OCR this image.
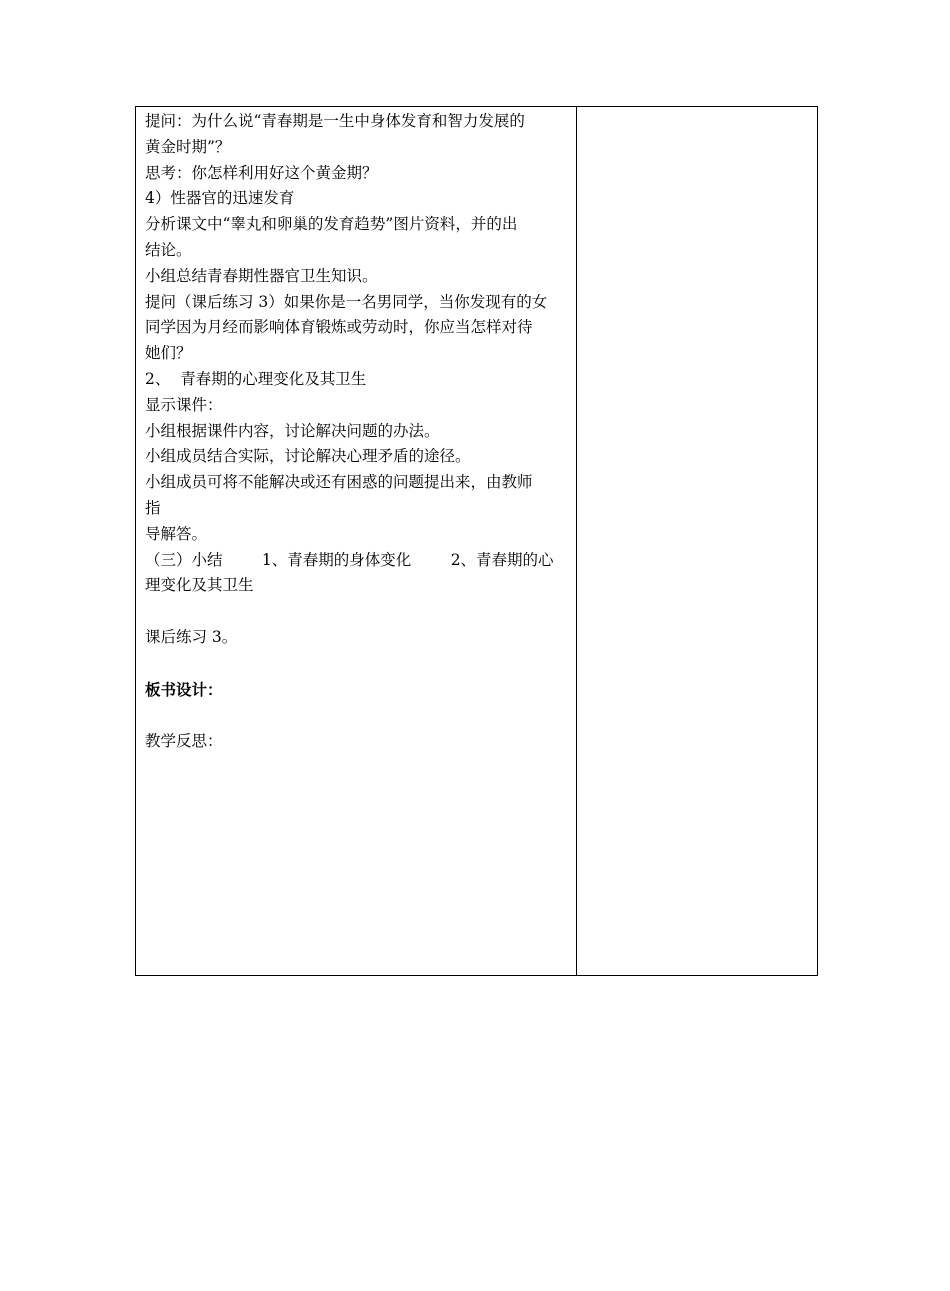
提问：为什么说“青春期是一生中身体发育和智力发展的
黄金时期”？
思考：你怎样利用好这个黄金期？
4）性器官的迅速发育
分析课文中“睾丸和卵巢的发育趋势”图片资料，并的出
结论。
小组总结青春期性器官卫生知识。
提问（课后练习 3）如果你是一名男同学，当你发现有的女
同学因为月经而影响体育锻炼或劳动时，你应当怎样对待
她们？
2、  青春期的心理变化及其卫生
显示课件：
小组根据课件内容，讨论解决问题的办法。
小组成员结合实际，讨论解决心理矛盾的途径。
小组成员可将不能解决或还有困惑的问题提出来，由教师
指
导解答。
（三）小结        1、青春期的身体变化        2、青春期的心
理变化及其卫生
课后练习 3。
板书设计：
教学反思：
